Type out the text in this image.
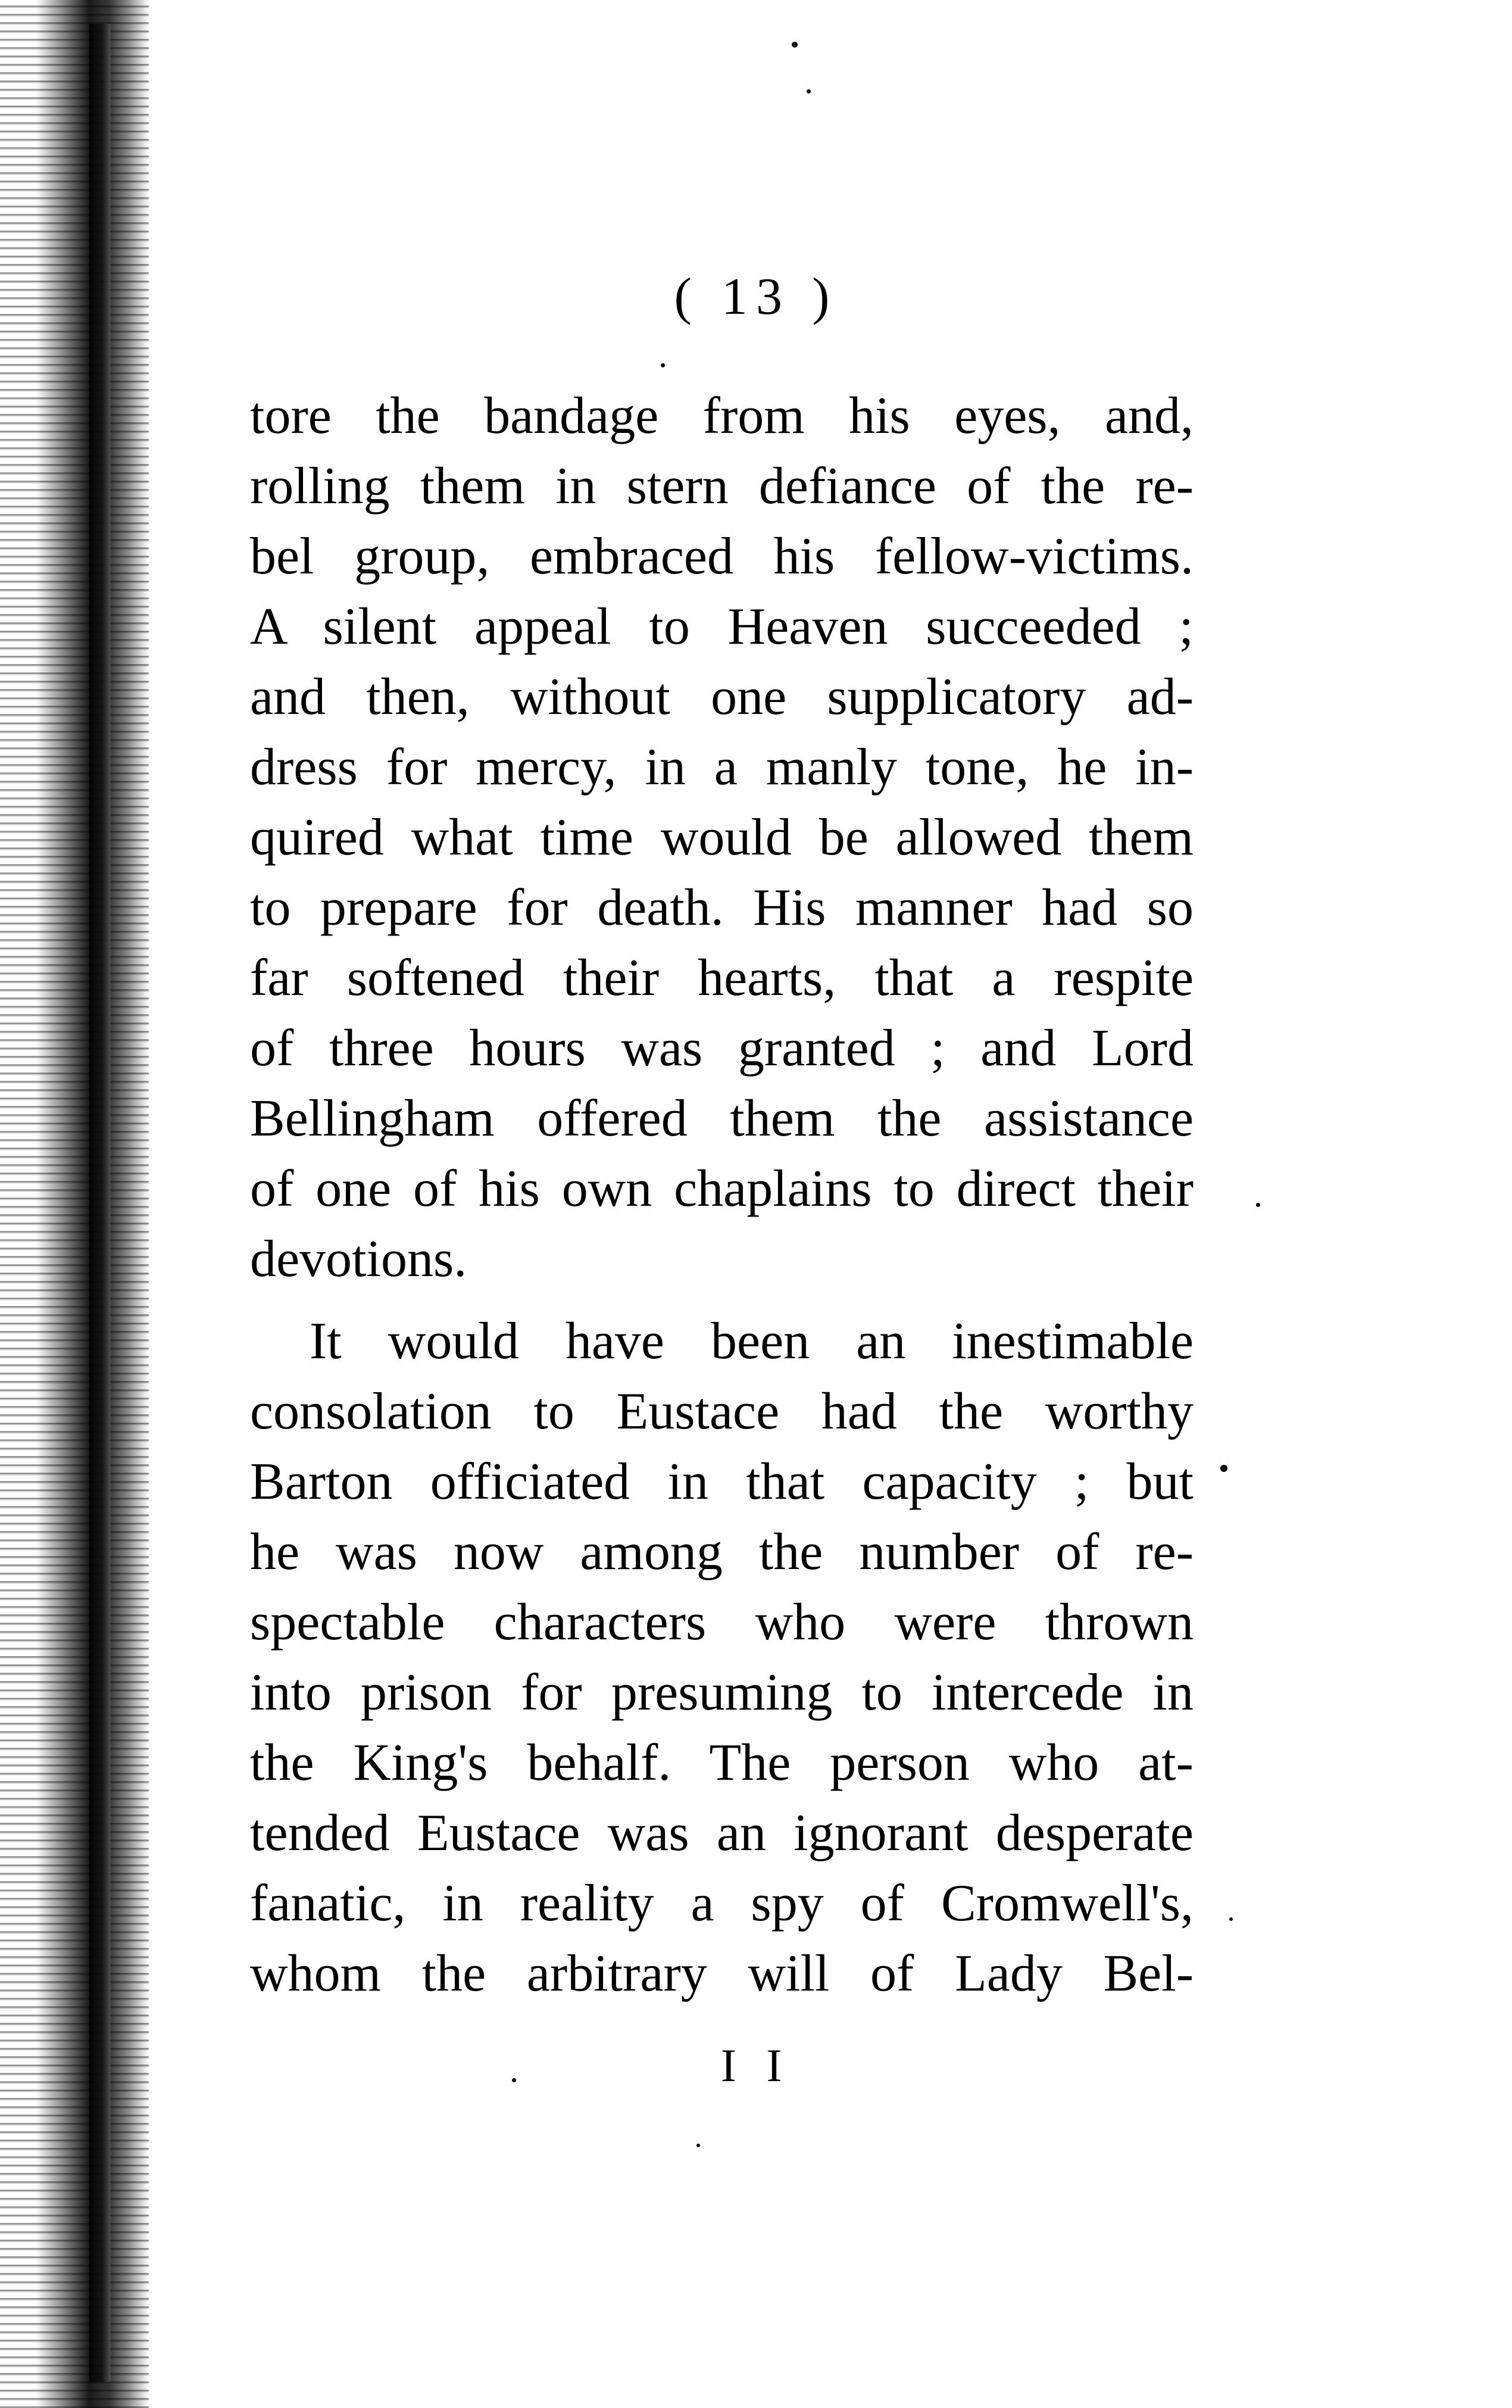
( 13 )
tore the bandage from his eyes, and,
rolling them in stern defiance of the re-
bel group, embraced his fellow-victims.
A silent appeal to Heaven succeeded ;
and then, without one supplicatory ad-
dress for mercy, in a manly tone, he in-
quired what time would be allowed them
to prepare for death. His manner had so
far softened their hearts, that a respite
of three hours was granted ; and Lord
Bellingham offered them the assistance
of one of his own chaplains to direct their
devotions.
It would have been an inestimable
consolation to Eustace had the worthy
Barton officiated in that capacity ; but
he was now among the number of re-
spectable characters who were thrown
into prison for presuming to intercede in
the King's behalf. The person who at-
tended Eustace was an ignorant desperate
fanatic, in reality a spy of Cromwell's,
whom the arbitrary will of Lady Bel-
I I
